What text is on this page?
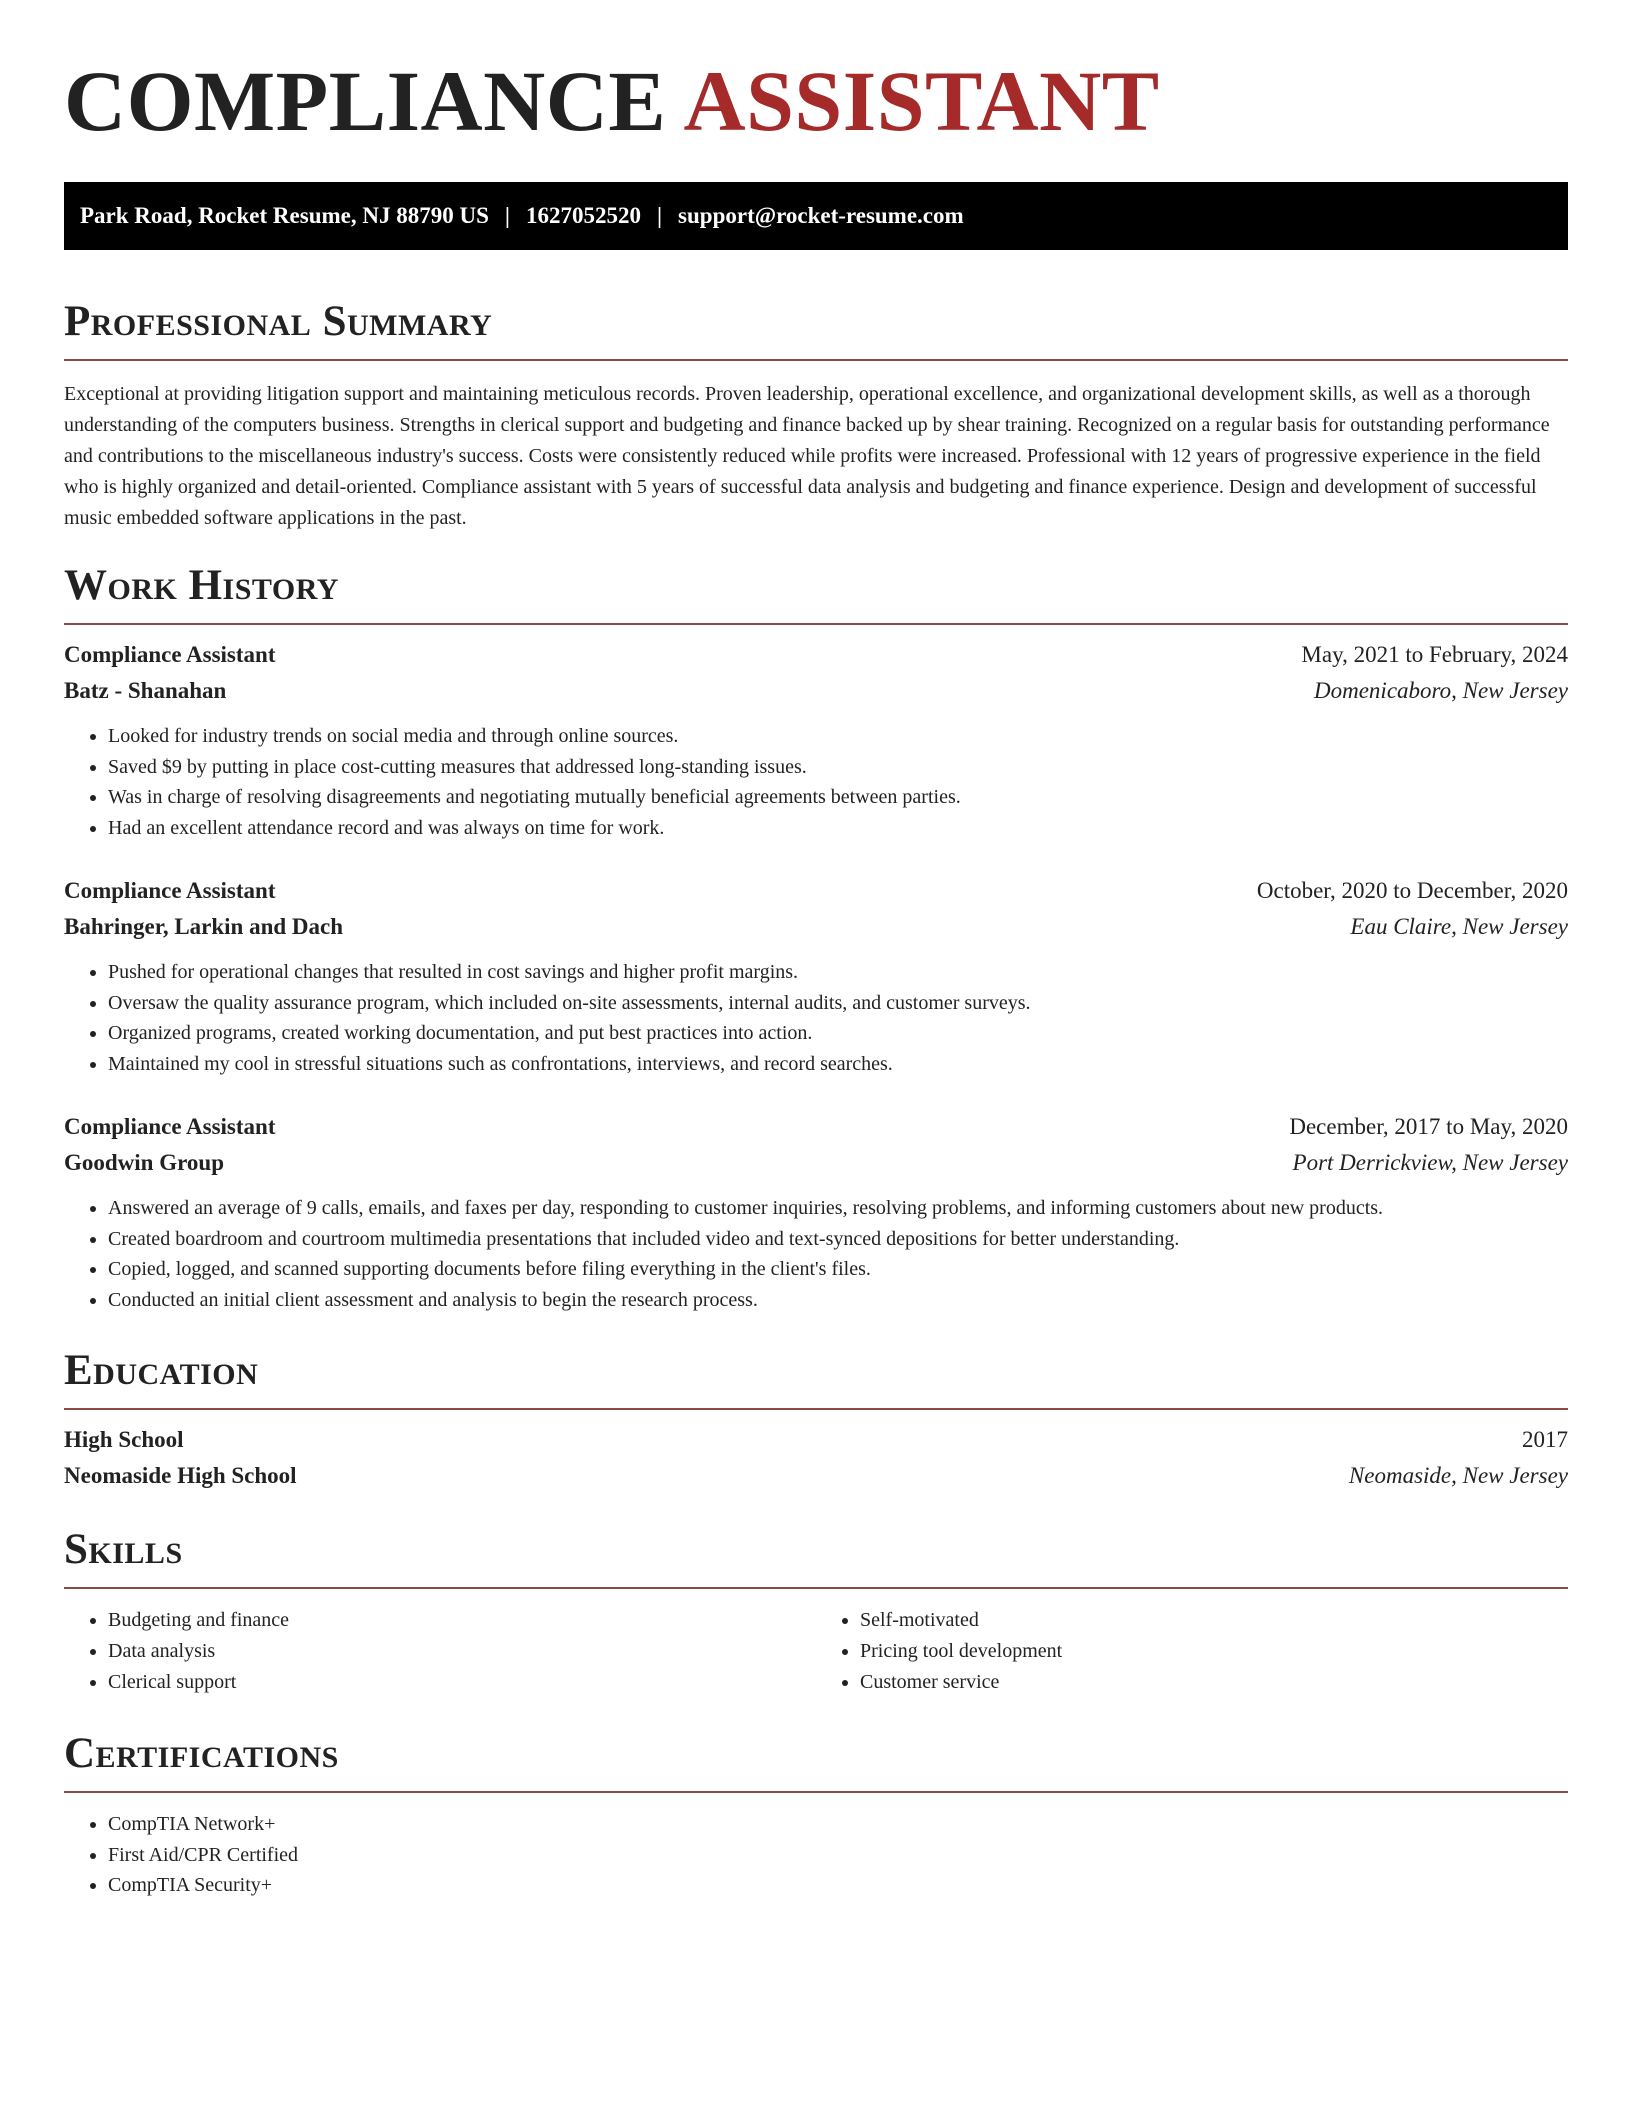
COMPLIANCE ASSISTANT
Park Road, Rocket Resume, NJ 88790 US | 1627052520 | support@rocket-resume.com
Professional Summary

Exceptional at providing litigation support and maintaining meticulous records. Proven leadership, operational excellence, and organizational development skills, as well as a thorough understanding of the computers business. Strengths in clerical support and budgeting and finance backed up by shear training. Recognized on a regular basis for outstanding performance and contributions to the miscellaneous industry's success. Costs were consistently reduced while profits were increased. Professional with 12 years of progressive experience in the field who is highly organized and detail-oriented. Compliance assistant with 5 years of successful data analysis and budgeting and finance experience. Design and development of successful music embedded software applications in the past.

Work History
Compliance Assistant	May, 2021 to February, 2024
Batz - Shanahan	Domenicaboro, New Jersey
• Looked for industry trends on social media and through online sources.
• Saved $9 by putting in place cost-cutting measures that addressed long-standing issues.
• Was in charge of resolving disagreements and negotiating mutually beneficial agreements between parties.
• Had an excellent attendance record and was always on time for work.
Compliance Assistant	October, 2020 to December, 2020
Bahringer, Larkin and Dach	Eau Claire, New Jersey
• Pushed for operational changes that resulted in cost savings and higher profit margins.
• Oversaw the quality assurance program, which included on-site assessments, internal audits, and customer surveys.
• Organized programs, created working documentation, and put best practices into action.
• Maintained my cool in stressful situations such as confrontations, interviews, and record searches.
Compliance Assistant	December, 2017 to May, 2020
Goodwin Group	Port Derrickview, New Jersey
• Answered an average of 9 calls, emails, and faxes per day, responding to customer inquiries, resolving problems, and informing customers about new products.
• Created boardroom and courtroom multimedia presentations that included video and text-synced depositions for better understanding.
• Copied, logged, and scanned supporting documents before filing everything in the client's files.
• Conducted an initial client assessment and analysis to begin the research process.
Education
High School	2017
Neomaside High School	Neomaside, New Jersey
Skills
• Budgeting and finance
• Data analysis
• Clerical support
• Self-motivated
• Pricing tool development
• Customer service
Certifications
• CompTIA Network+
• First Aid/CPR Certified
• CompTIA Security+
